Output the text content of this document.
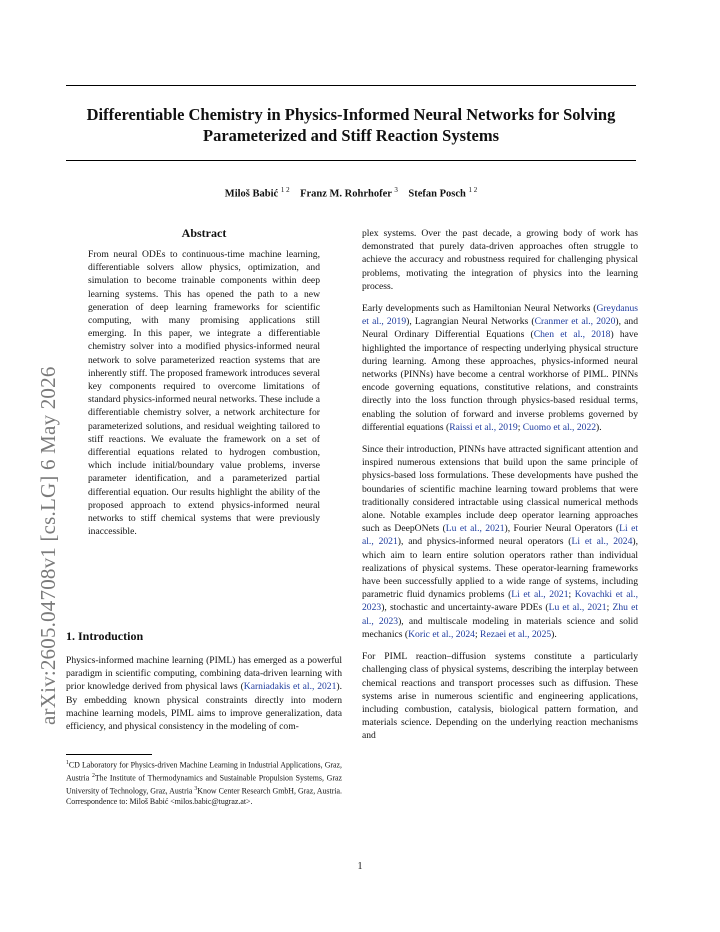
Differentiable Chemistry in Physics-Informed Neural Networks for Solving
Parameterized and Stiff Reaction Systems
Miloš Babić $^{1 2}$ Franz M. Rohrhofer $^3$ Stefan Posch $^{1 2}$
arXiv:2605.04708v1 [cs.LG] 6 May 2026
Abstract
From neural ODEs to continuous-time machine learning, differentiable solvers allow physics, optimization, and simulation to become trainable components within deep learning systems. This has opened the path to a new generation of deep learning frameworks for scientific computing, with many promising applications still emerging. In this paper, we integrate a differentiable chemistry solver into a modified physics-informed neural network to solve parameterized reaction systems that are inherently stiff. The proposed framework introduces several key components required to overcome limitations of standard physics-informed neural networks. These include a differentiable chemistry solver, a network architecture for parameterized solutions, and residual weighting tailored to stiff reactions. We evaluate the framework on a set of differential equations related to hydrogen combustion, which include initial/boundary value problems, inverse parameter identification, and a parameterized partial differential equation. Our results highlight the ability of the proposed approach to extend physics-informed neural networks to stiff chemical systems that were previously inaccessible.
1. Introduction
Physics-informed machine learning (PIML) has emerged as a powerful paradigm in scientific computing, combining data-driven learning with prior knowledge derived from physical laws (Karniadakis et al., 2021). By embedding known physical constraints directly into modern machine learning models, PIML aims to improve generalization, data efficiency, and physical consistency in the modeling of com-
$^1$CD Laboratory for Physics-driven Machine Learning in Industrial Applications, Graz, Austria $^2$The Institute of Thermodynamics and Sustainable Propulsion Systems, Graz University of Technology, Graz, Austria $^3$Know Center Research GmbH, Graz, Austria. Correspondence to: Miloš Babić <milos.babic@tugraz.at>.

plex systems. Over the past decade, a growing body of work has demonstrated that purely data-driven approaches often struggle to achieve the accuracy and robustness required for challenging physical problems, motivating the integration of physics into the learning process.

Early developments such as Hamiltonian Neural Networks (Greydanus et al., 2019), Lagrangian Neural Networks (Cranmer et al., 2020), and Neural Ordinary Differential Equations (Chen et al., 2018) have highlighted the importance of respecting underlying physical structure during learning. Among these approaches, physics-informed neural networks (PINNs) have become a central workhorse of PIML. PINNs encode governing equations, constitutive relations, and constraints directly into the loss function through physics-based residual terms, enabling the solution of forward and inverse problems governed by differential equations (Raissi et al., 2019; Cuomo et al., 2022).

Since their introduction, PINNs have attracted significant attention and inspired numerous extensions that build upon the same principle of physics-based loss formulations. These developments have pushed the boundaries of scientific machine learning toward problems that were traditionally considered intractable using classical numerical methods alone. Notable examples include deep operator learning approaches such as DeepONets (Lu et al., 2021), Fourier Neural Operators (Li et al., 2021), and physics-informed neural operators (Li et al., 2024), which aim to learn entire solution operators rather than individual realizations of physical systems. These operator-learning frameworks have been successfully applied to a wide range of systems, including parametric fluid dynamics problems (Li et al., 2021; Kovachki et al., 2023), stochastic and uncertainty-aware PDEs (Lu et al., 2021; Zhu et al., 2023), and multiscale modeling in materials science and solid mechanics (Koric et al., 2024; Rezaei et al., 2025).

For PIML reaction–diffusion systems constitute a particularly challenging class of physical systems, describing the interplay between chemical reactions and transport processes such as diffusion. These systems arise in numerous scientific and engineering applications, including combustion, catalysis, biological pattern formation, and materials science. Depending on the underlying reaction mechanisms and

1
